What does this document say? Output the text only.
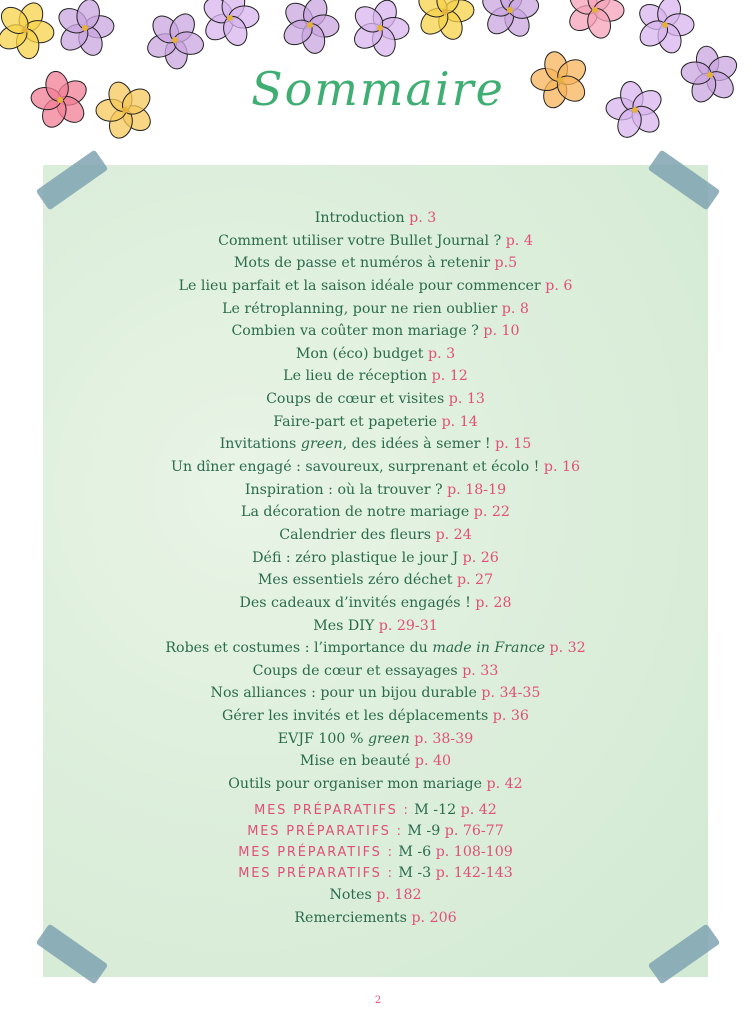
Sommaire
Introduction p. 3
Comment utiliser votre Bullet Journal ? p. 4
Mots de passe et numéros à retenir p.5
Le lieu parfait et la saison idéale pour commencer p. 6
Le rétroplanning, pour ne rien oublier p. 8
Combien va coûter mon mariage ? p. 10
Mon (éco) budget p. 3
Le lieu de réception p. 12
Coups de cœur et visites p. 13
Faire-part et papeterie p. 14
Invitations green, des idées à semer ! p. 15
Un dîner engagé : savoureux, surprenant et écolo ! p. 16
Inspiration : où la trouver ? p. 18-19
La décoration de notre mariage p. 22
Calendrier des fleurs p. 24
Défi : zéro plastique le jour J p. 26
Mes essentiels zéro déchet p. 27
Des cadeaux d’invités engagés ! p. 28
Mes DIY p. 29-31
Robes et costumes : l’importance du made in France p. 32
Coups de cœur et essayages p. 33
Nos alliances : pour un bijou durable p. 34-35
Gérer les invités et les déplacements p. 36
EVJF 100 % green p. 38-39
Mise en beauté p. 40
Outils pour organiser mon mariage p. 42
MES PRÉPARATIFS : M -12 p. 42
MES PRÉPARATIFS : M -9 p. 76-77
MES PRÉPARATIFS : M -6 p. 108-109
MES PRÉPARATIFS : M -3 p. 142-143
Notes p. 182
Remerciements p. 206
2
